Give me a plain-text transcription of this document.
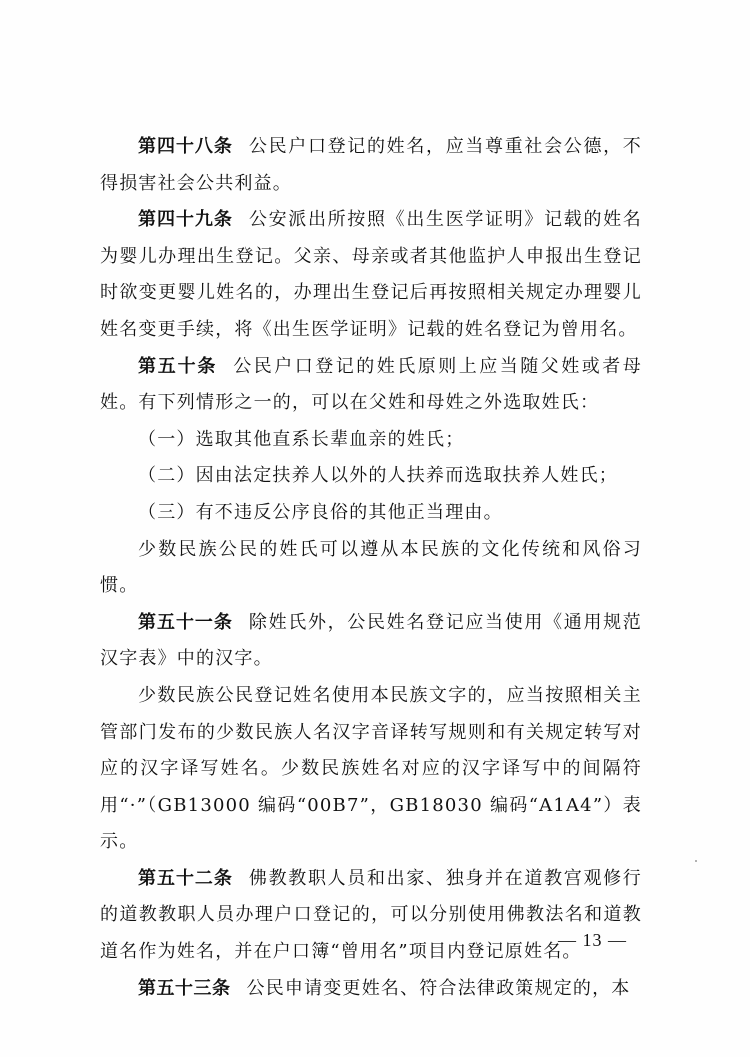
第四十八条 公民户口登记的姓名，应当尊重社会公德，不得损害社会公共利益。

第四十九条 公安派出所按照《出生医学证明》记载的姓名为婴儿办理出生登记。父亲、母亲或者其他监护人申报出生登记时欲变更婴儿姓名的，办理出生登记后再按照相关规定办理婴儿姓名变更手续，将《出生医学证明》记载的姓名登记为曾用名。

第五十条 公民户口登记的姓氏原则上应当随父姓或者母姓。有下列情形之一的，可以在父姓和母姓之外选取姓氏：

（一）选取其他直系长辈血亲的姓氏；

（二）因由法定扶养人以外的人扶养而选取扶养人姓氏；

（三）有不违反公序良俗的其他正当理由。

少数民族公民的姓氏可以遵从本民族的文化传统和风俗习惯。

第五十一条 除姓氏外，公民姓名登记应当使用《通用规范汉字表》中的汉字。

少数民族公民登记姓名使用本民族文字的，应当按照相关主管部门发布的少数民族人名汉字音译转写规则和有关规定转写对应的汉字译写姓名。少数民族姓名对应的汉字译写中的间隔符用“·”（GB13000 编码“00B7”，GB18030 编码“A1A4”）表示。

第五十二条 佛教教职人员和出家、独身并在道教宫观修行的道教教职人员办理户口登记的，可以分别使用佛教法名和道教道名作为姓名，并在户口簿“曾用名”项目内登记原姓名。

第五十三条 公民申请变更姓名、符合法律政策规定的，本

— 13 —
